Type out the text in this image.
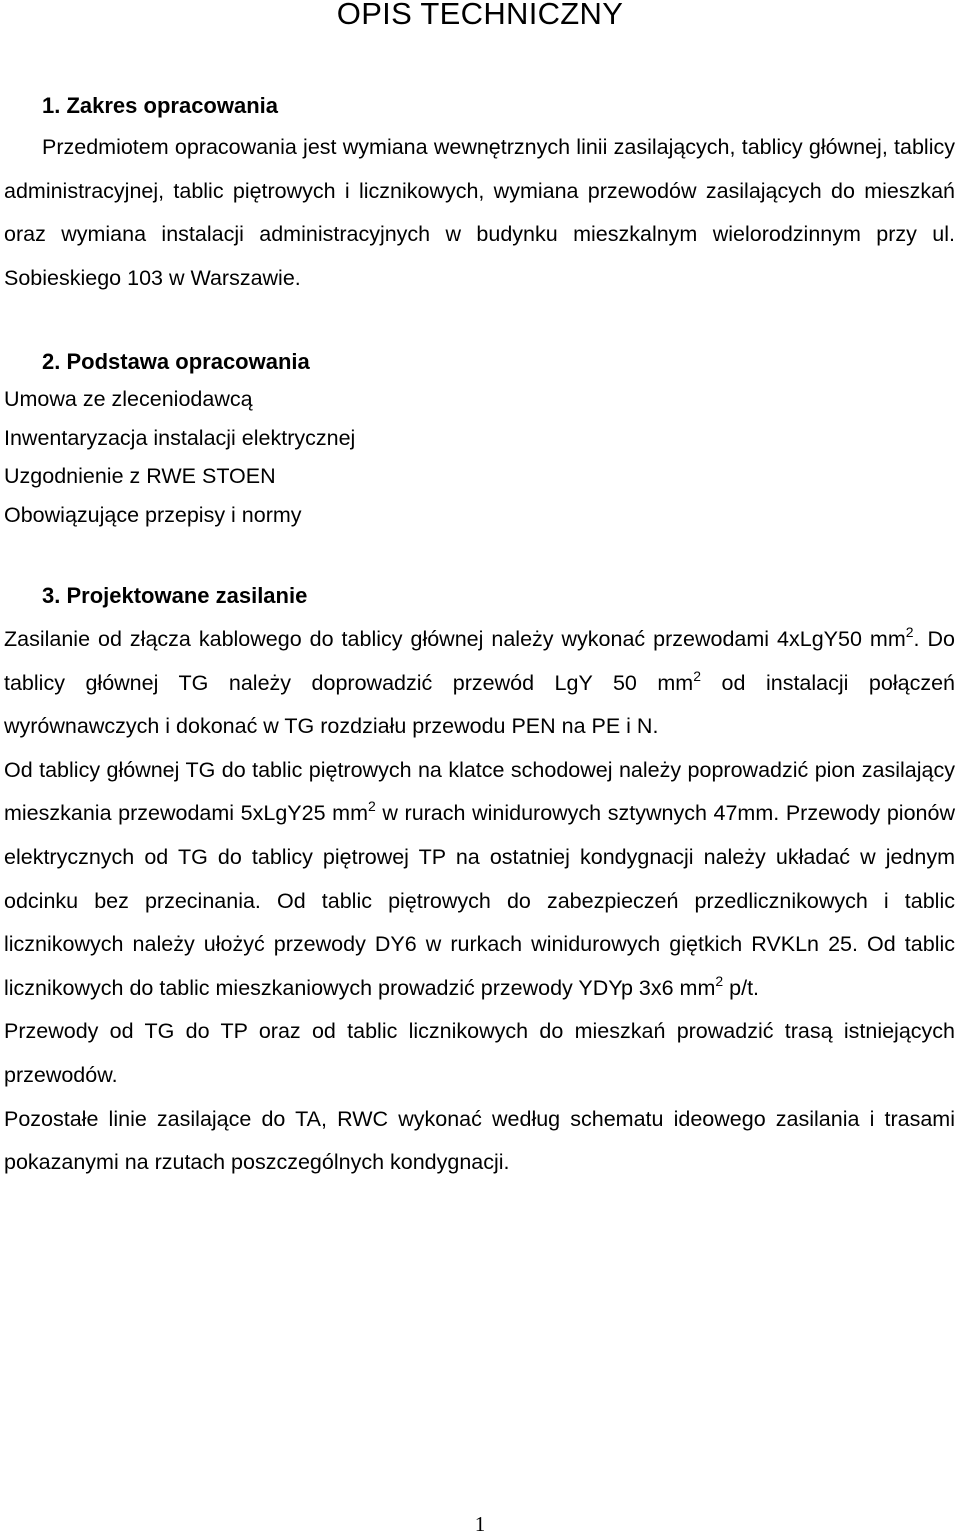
OPIS TECHNICZNY
1. Zakres opracowania

Przedmiotem opracowania jest wymiana wewnętrznych linii zasilających, tablicy głównej, tablicy administracyjnej, tablic piętrowych i licznikowych, wymiana przewodów zasilających do mieszkań oraz wymiana instalacji administracyjnych w budynku mieszkalnym wielorodzinnym przy ul. Sobieskiego 103 w Warszawie.

2. Podstawa opracowania
Umowa ze zleceniodawcą
Inwentaryzacja instalacji elektrycznej
Uzgodnienie z RWE STOEN
Obowiązujące przepisy i normy
3. Projektowane zasilanie

Zasilanie od złącza kablowego do tablicy głównej należy wykonać przewodami 4xLgY50 $mm^2$. Do tablicy głównej TG należy doprowadzić przewód LgY 50 $mm^2$ od instalacji połączeń wyrównawczych i dokonać w TG rozdziału przewodu PEN na PE i N.

Od tablicy głównej TG do tablic piętrowych na klatce schodowej należy poprowadzić pion zasilający mieszkania przewodami 5xLgY25 $mm^2$ w rurach winidurowych sztywnych 47mm. Przewody pionów elektrycznych od TG do tablicy piętrowej TP na ostatniej kondygnacji należy układać w jednym odcinku bez przecinania. Od tablic piętrowych do zabezpieczeń przedlicznikowych i tablic licznikowych należy ułożyć przewody DY6 w rurkach winidurowych giętkich RVKLn 25. Od tablic licznikowych do tablic mieszkaniowych prowadzić przewody YDYp 3x6 $mm^2$ p/t.

Przewody od TG do TP oraz od tablic licznikowych do mieszkań prowadzić trasą istniejących przewodów.

Pozostałe linie zasilające do TA, RWC wykonać według schematu ideowego zasilania i trasami pokazanymi na rzutach poszczególnych kondygnacji.

1
